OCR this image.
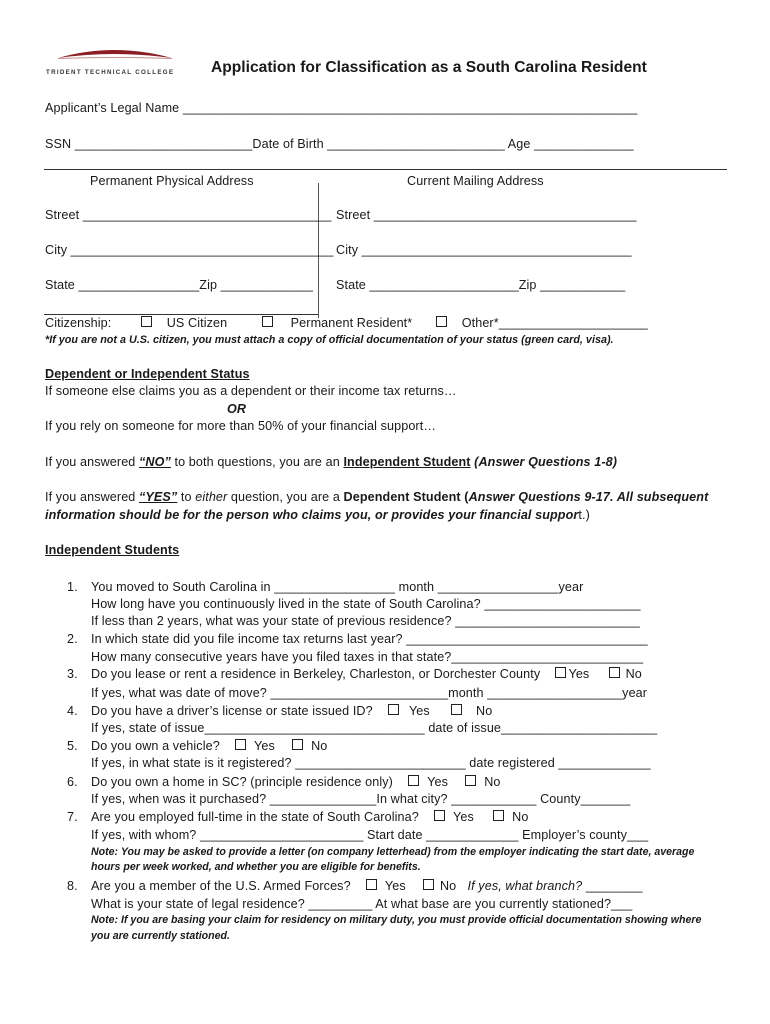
TRIDENT TECHNICAL COLLEGE Application for Classification as a South Carolina Resident
Applicant’s Legal Name ________________________________________________________________
SSN _________________________Date of Birth _________________________ Age ______________
Permanent Physical Address	Current Mailing Address
Street ___________________________________ Street _____________________________________
City _____________________________________ City ______________________________________
State _________________Zip _____________ State _____________________Zip ____________
Citizenship:	US Citizen	Permanent Resident*	Other*_____________________
*If you are not a U.S. citizen, you must attach a copy of official documentation of your status (green card, visa).
Dependent or Independent Status
If someone else claims you as a dependent or their income tax returns…
OR
If you rely on someone for more than 50% of your financial support…
If you answered “NO” to both questions, you are an Independent Student (Answer Questions 1-8)
If you answered “YES” to either question, you are a Dependent Student (Answer Questions 9-17. All subsequent
information should be for the person who claims you, or provides your financial support.)
Independent Students
1. You moved to South Carolina in _________________ month _________________year
How long have you continuously lived in the state of South Carolina? ______________________
If less than 2 years, what was your state of previous residence? __________________________
2. In which state did you file income tax returns last year? __________________________________
How many consecutive years have you filed taxes in that state?___________________________
3. Do you lease or rent a residence in Berkeley, Charleston, or Dorchester County Yes	No
If yes, what was date of move? _________________________month ___________________year
4. Do you have a driver’s license or state issued ID?	Yes	No
If yes, state of issue_______________________________ date of issue______________________
5. Do you own a vehicle?	Yes	No
If yes, in what state is it registered? ________________________ date registered _____________
6. Do you own a home in SC? (principle residence only)	Yes	No
If yes, when was it purchased? _______________In what city? ____________ County_______
7. Are you employed full-time in the state of South Carolina?	Yes	No
If yes, with whom? _______________________ Start date _____________ Employer’s county___
Note: You may be asked to provide a letter (on company letterhead) from the employer indicating the start date, average
hours per week worked, and whether you are eligible for benefits.
8. Are you a member of the U.S. Armed Forces?	Yes	No If yes, what branch? ________
What is your state of legal residence? _________ At what base are you currently stationed?___
Note: If you are basing your claim for residency on military duty, you must provide official documentation showing where
you are currently stationed.
